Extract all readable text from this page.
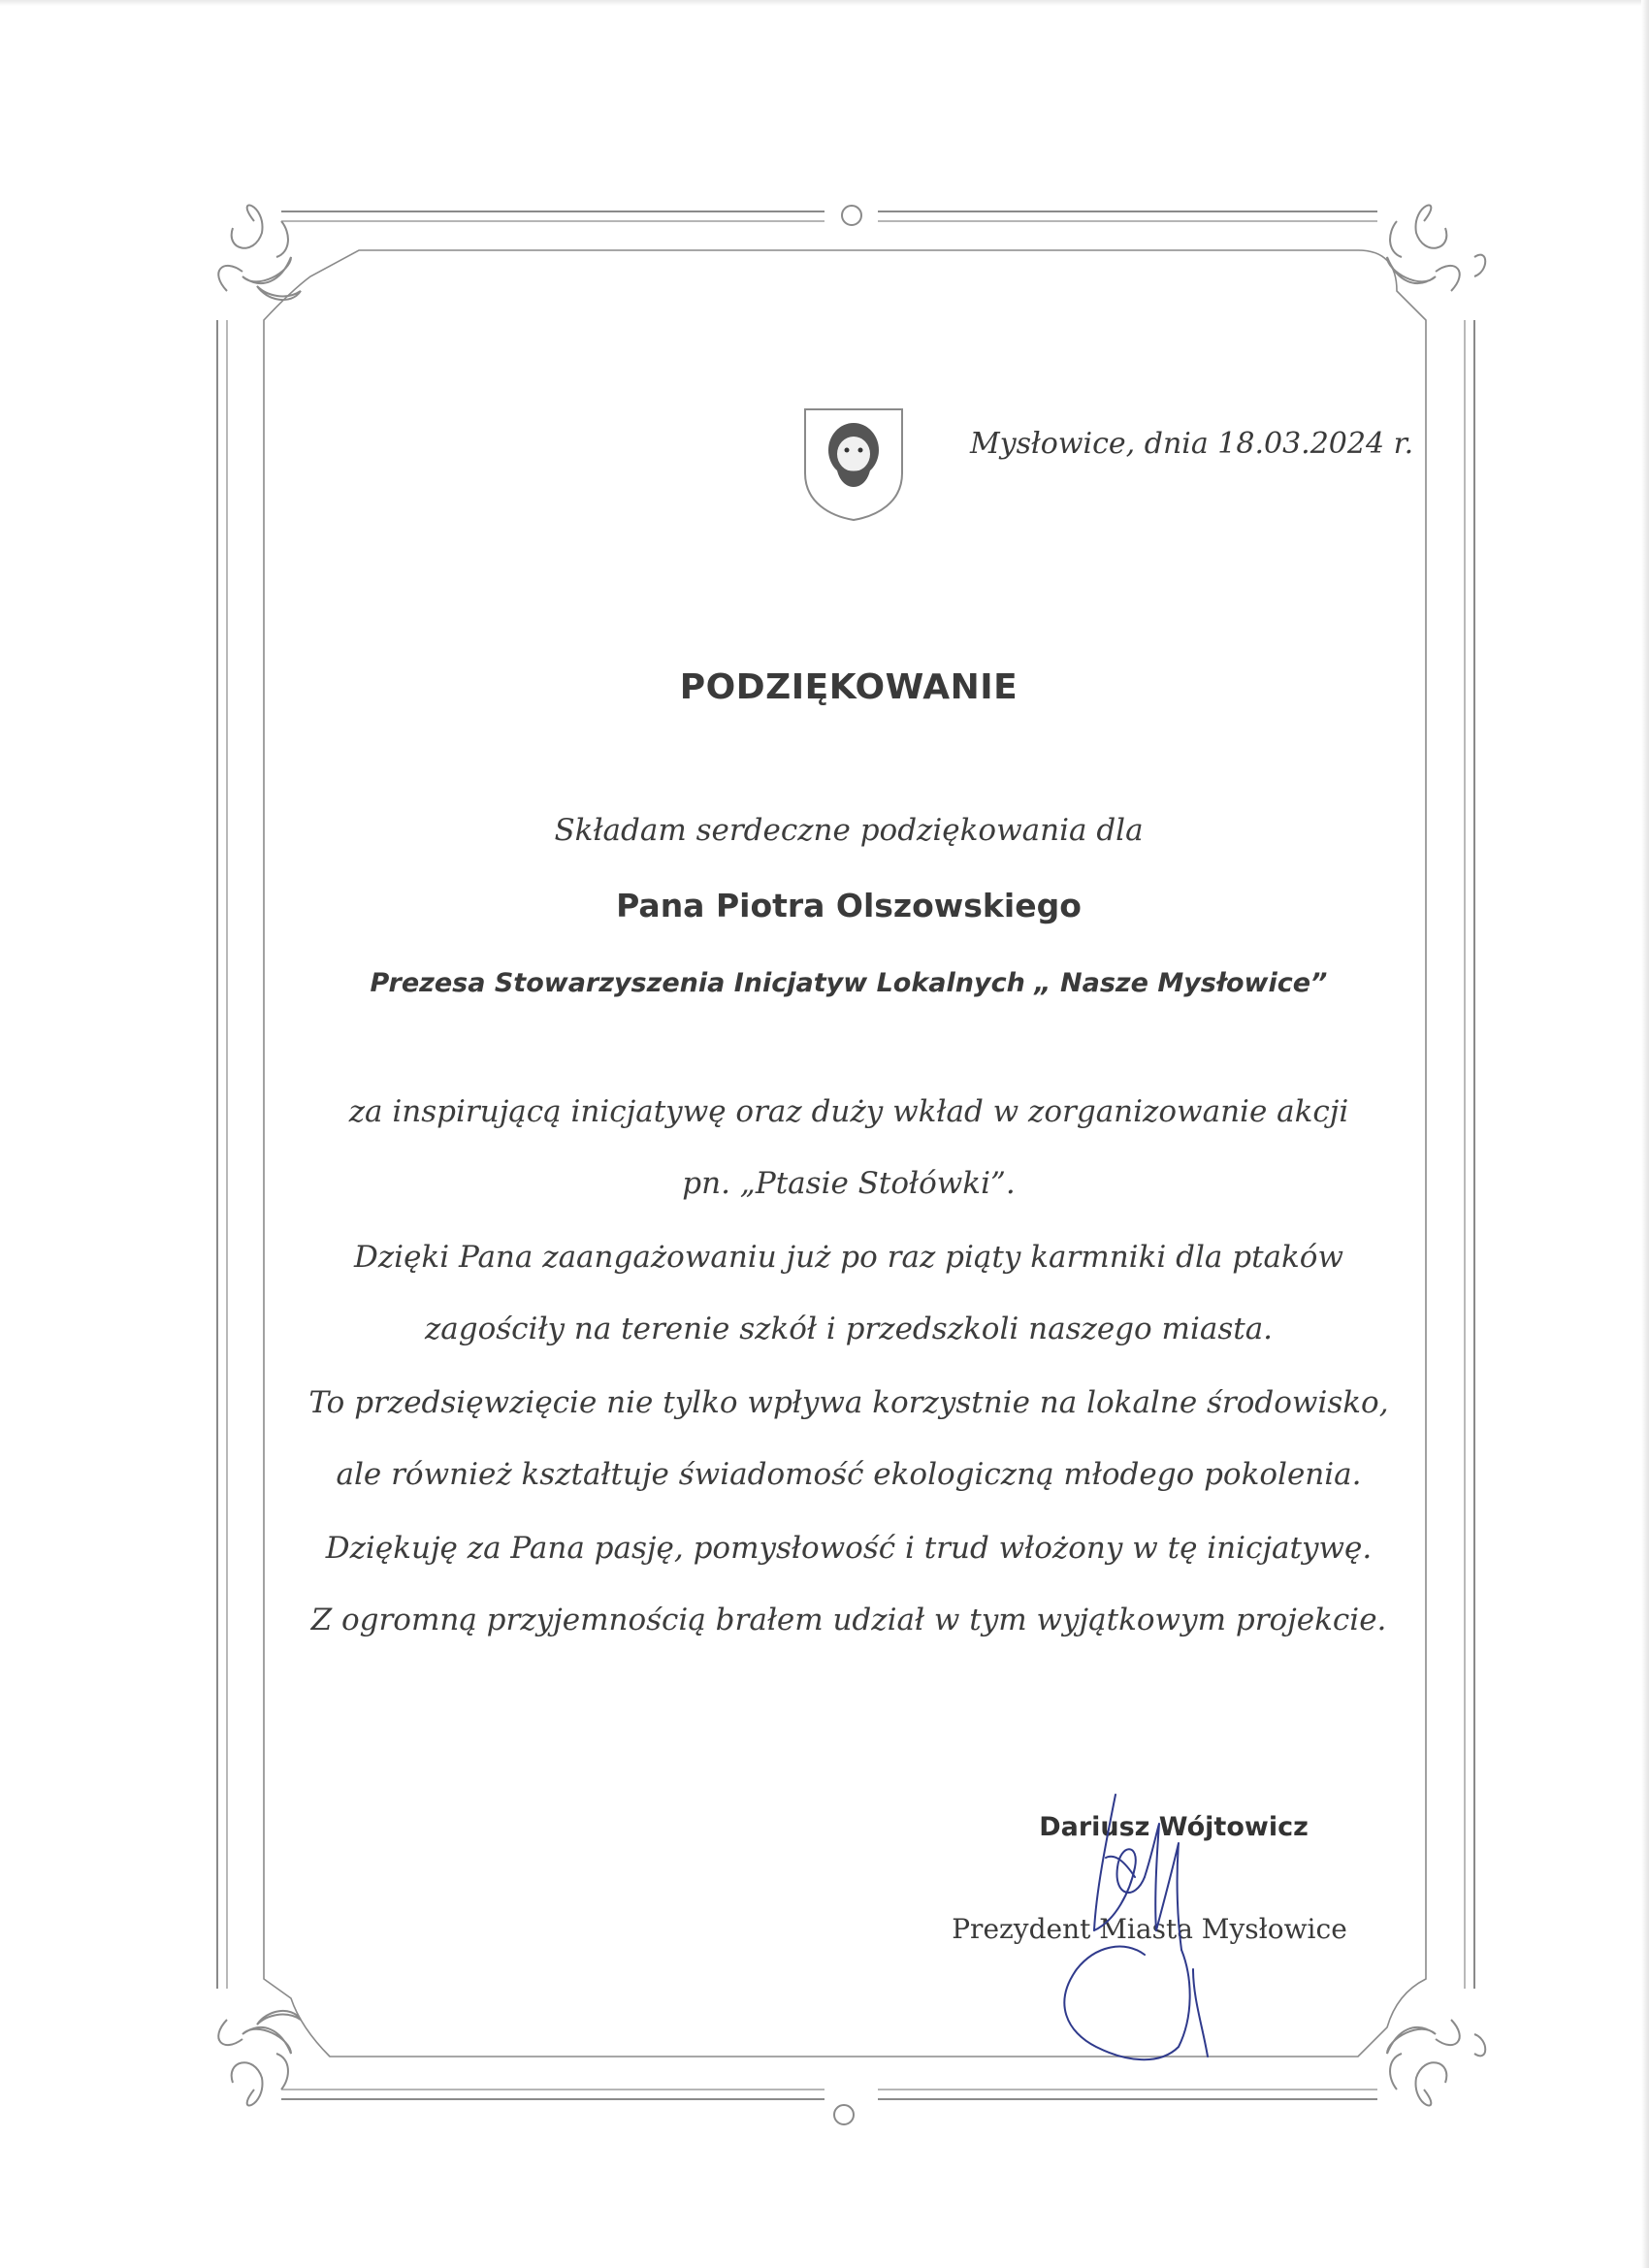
Mysłowice, dnia 18.03.2024 r.
PODZIĘKOWANIE
Składam serdeczne podziękowania dla
Pana Piotra Olszowskiego
Prezesa Stowarzyszenia Inicjatyw Lokalnych „ Nasze Mysłowice”
za inspirującą inicjatywę oraz duży wkład w zorganizowanie akcji
pn. „Ptasie Stołówki”.
Dzięki Pana zaangażowaniu już po raz piąty karmniki dla ptaków
zagościły na terenie szkół i przedszkoli naszego miasta.
To przedsięwzięcie nie tylko wpływa korzystnie na lokalne środowisko,
ale również kształtuje świadomość ekologiczną młodego pokolenia.
Dziękuję za Pana pasję, pomysłowość i trud włożony w tę inicjatywę.
Z ogromną przyjemnością brałem udział w tym wyjątkowym projekcie.
Dariusz Wójtowicz
Prezydent Miasta Mysłowice
